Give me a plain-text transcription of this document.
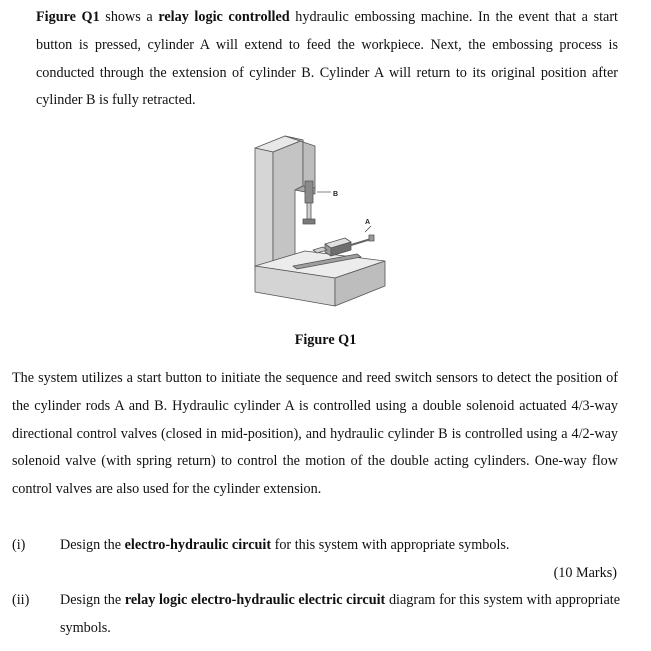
Figure Q1 shows a relay logic controlled hydraulic embossing machine. In the event that a start button is pressed, cylinder A will extend to feed the workpiece. Next, the embossing process is conducted through the extension of cylinder B. Cylinder A will return to its original position after cylinder B is fully retracted.

B
A
Figure Q1

The system utilizes a start button to initiate the sequence and reed switch sensors to detect the position of the cylinder rods A and B. Hydraulic cylinder A is controlled using a double solenoid actuated 4/3-way directional control valves (closed in mid-position), and hydraulic cylinder B is controlled using a 4/2-way solenoid valve (with spring return) to control the motion of the double acting cylinders. One-way flow control valves are also used for the cylinder extension.

(i) Design the electro-hydraulic circuit for this system with appropriate symbols.
(10 Marks)
(ii) Design the relay logic electro-hydraulic electric circuit diagram for this system with appropriate symbols.
